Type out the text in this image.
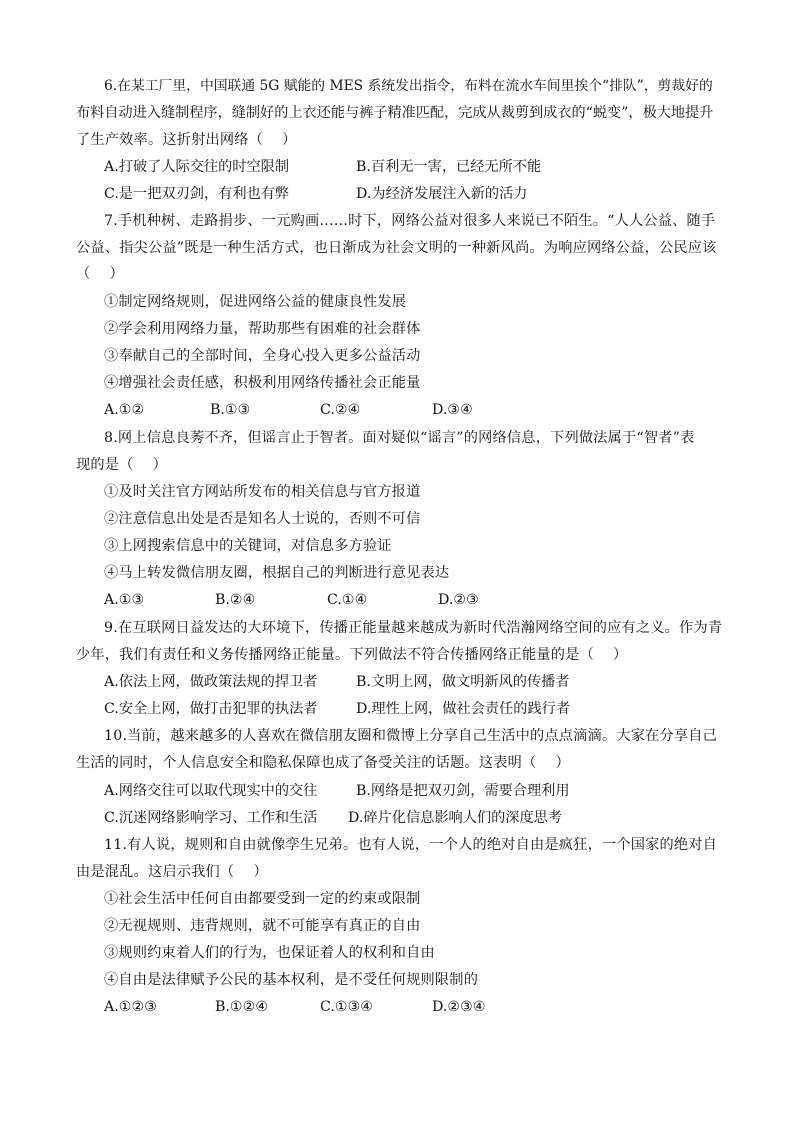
6.在某工厂里，中国联通 5G 赋能的 MES 系统发出指令，布料在流水车间里挨个“排队”，剪裁好的
布料自动进入缝制程序，缝制好的上衣还能与裤子精准匹配，完成从裁剪到成衣的“蜕变”，极大地提升
了生产效率。这折射出网络（　 ）
A.打破了人际交往的时空限制	B.百利无一害，已经无所不能
C.是一把双刃剑，有利也有弊	D.为经济发展注入新的活力
7.手机种树、走路捐步、一元购画……时下，网络公益对很多人来说已不陌生。“人人公益、随手
公益、指尖公益”既是一种生活方式，也日渐成为社会文明的一种新风尚。为响应网络公益，公民应该
（　 ）
①制定网络规则，促进网络公益的健康良性发展
②学会利用网络力量，帮助那些有困难的社会群体
③奉献自己的全部时间，全身心投入更多公益活动
④增强社会责任感，积极利用网络传播社会正能量
A.①②	B.①③	C.②④	D.③④
8.网上信息良莠不齐，但谣言止于智者。面对疑似“谣言”的网络信息，下列做法属于“智者”表
现的是（　 ）
①及时关注官方网站所发布的相关信息与官方报道
②注意信息出处是否是知名人士说的，否则不可信
③上网搜索信息中的关键词，对信息多方验证
④马上转发微信朋友圈，根据自己的判断进行意见表达
A.①③	B.②④	C.①④	D.②③
9.在互联网日益发达的大环境下，传播正能量越来越成为新时代浩瀚网络空间的应有之义。作为青
少年，我们有责任和义务传播网络正能量。下列做法不符合传播网络正能量的是（　 ）
A.依法上网，做政策法规的捍卫者	B.文明上网，做文明新风的传播者
C.安全上网，做打击犯罪的执法者	D.理性上网，做社会责任的践行者
10.当前，越来越多的人喜欢在微信朋友圈和微博上分享自己生活中的点点滴滴。大家在分享自己
生活的同时，个人信息安全和隐私保障也成了备受关注的话题。这表明（　 ）
A.网络交往可以取代现实中的交往	B.网络是把双刃剑，需要合理利用
C.沉迷网络影响学习、工作和生活 D.碎片化信息影响人们的深度思考
11.有人说，规则和自由就像孪生兄弟。也有人说，一个人的绝对自由是疯狂，一个国家的绝对自
由是混乱。这启示我们（　 ）
①社会生活中任何自由都要受到一定的约束或限制
②无视规则、违背规则，就不可能享有真正的自由
③规则约束着人们的行为，也保证着人的权利和自由
④自由是法律赋予公民的基本权利，是不受任何规则限制的
A.①②③	B.①②④	C.①③④	D.②③④
